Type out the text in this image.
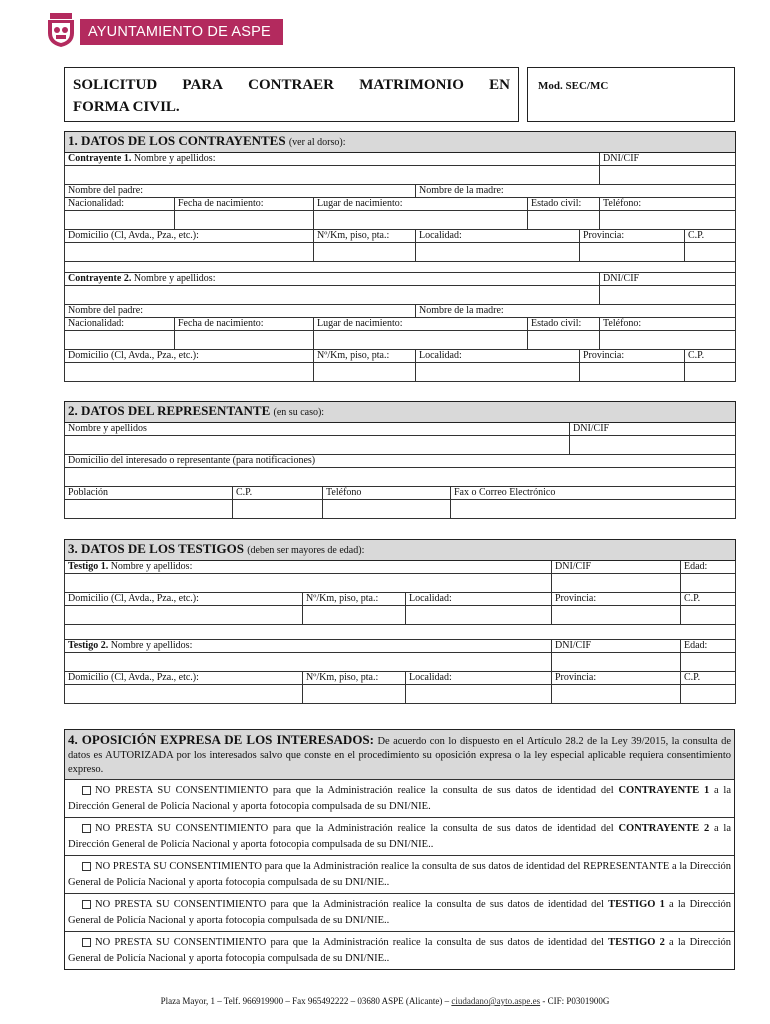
AYUNTAMIENTO DE ASPE
SOLICITUD PARA CONTRAER MATRIMONIO EN
FORMA CIVIL.
Mod. SEC/MC
1. DATOS DE LOS CONTRAYENTES (ver al dorso):							
Contrayente 1. Nombre y apellidos:						DNI/CIF	

Nombre del padre:			Nombre de la madre:				
Nacionalidad:	Fecha de nacimiento:	Lugar de nacimiento:		Estado civil:		Teléfono:	

Domicilio (Cl, Avda., Pza., etc.):		Nº/Km, piso, pta.:	Localidad:		Provincia:		C.P.

Contrayente 2. Nombre y apellidos:						DNI/CIF	

Nombre del padre:			Nombre de la madre:				
Nacionalidad:	Fecha de nacimiento:	Lugar de nacimiento:		Estado civil:		Teléfono:	

Domicilio (Cl, Avda., Pza., etc.):		Nº/Km, piso, pta.:	Localidad:		Provincia:		C.P.

2. DATOS DEL REPRESENTANTE (en su caso):				
Nombre y apellidos				DNI/CIF

Domicilio del interesado o representante (para notificaciones)				

Población	C.P.	Teléfono	Fax o Correo Electrónico	

3. DATOS DE LOS TESTIGOS (deben ser mayores de edad):				
Testigo 1. Nombre y apellidos:			DNI/CIF	Edad:

Domicilio (Cl, Avda., Pza., etc.):	Nº/Km, piso, pta.:	Localidad:	Provincia:	C.P.

Testigo 2. Nombre y apellidos:			DNI/CIF	Edad:

Domicilio (Cl, Avda., Pza., etc.):	Nº/Km, piso, pta.:	Localidad:	Provincia:	C.P.

4. OPOSICIÓN EXPRESA DE LOS INTERESADOS: De acuerdo con lo dispuesto en el Artículo 28.2 de la Ley 39/2015, la consulta de datos es AUTORIZADA por los interesados salvo que conste en el procedimiento su oposición expresa o la ley especial aplicable requiera consentimiento expreso.
NO PRESTA SU CONSENTIMIENTO para que la Administración realice la consulta de sus datos de identidad del CONTRAYENTE 1 a la Dirección General de Policía Nacional y aporta fotocopia compulsada de su DNI/NIE.
NO PRESTA SU CONSENTIMIENTO para que la Administración realice la consulta de sus datos de identidad del CONTRAYENTE 2 a la Dirección General de Policía Nacional y aporta fotocopia compulsada de su DNI/NIE..
NO PRESTA SU CONSENTIMIENTO para que la Administración realice la consulta de sus datos de identidad del REPRESENTANTE a la Dirección General de Policía Nacional y aporta fotocopia compulsada de su DNI/NIE..
NO PRESTA SU CONSENTIMIENTO para que la Administración realice la consulta de sus datos de identidad del TESTIGO 1 a la Dirección General de Policía Nacional y aporta fotocopia compulsada de su DNI/NIE..
NO PRESTA SU CONSENTIMIENTO para que la Administración realice la consulta de sus datos de identidad del TESTIGO 2 a la Dirección General de Policía Nacional y aporta fotocopia compulsada de su DNI/NIE..
Plaza Mayor, 1 – Telf. 966919900 – Fax 965492222 – 03680 ASPE (Alicante) – ciudadano@ayto.aspe.es - CIF: P0301900G
